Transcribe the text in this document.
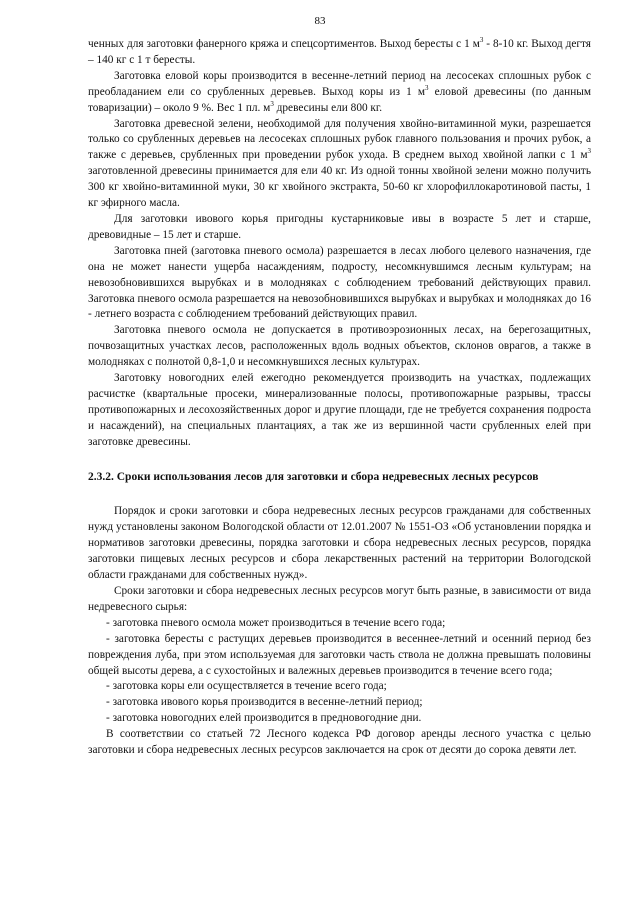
83

ченных для заготовки фанерного кряжа и спецсортиментов. Выход бересты с 1 $м^3 - 8-10$ кг. Выход дегтя – 140 кг с 1 т бересты.

Заготовка еловой коры производится в весенне-летний период на лесосеках сплошных рубок с преобладанием ели со срубленных деревьев. Выход коры из 1 $м^3$ еловой древесины (по данным товаризации) – около 9 %. Вес 1 пл. $м^3$ древесины ели 800 кг.

Заготовка древесной зелени, необходимой для получения хвойно-витаминной муки, разрешается только со срубленных деревьев на лесосеках сплошных рубок главного пользования и прочих рубок, а также с деревьев, срубленных при проведении рубок ухода. В среднем выход хвойной лапки с 1 $м^3$ заготовленной древесины принимается для ели 40 кг. Из одной тонны хвойной зелени можно получить 300 кг хвойно-витаминной муки, 30 кг хвойного экстракта, 50-60 кг хлорофиллокаротиновой пасты, 1 кг эфирного масла.

Для заготовки ивового корья пригодны кустарниковые ивы в возрасте 5 лет и старше, древовидные – 15 лет и старше.

Заготовка пней (заготовка пневого осмола) разрешается в лесах любого целевого назначения, где она не может нанести ущерба насаждениям, подросту, несомкнувшимся лесным культурам; на невозобновившихся вырубках и в молодняках с соблюдением требований действующих правил. Заготовка пневого осмола разрешается на невозобновившихся вырубках и вырубках и молодняках до 16 - летнего возраста с соблюдением требований действующих правил.

Заготовка пневого осмола не допускается в противоэрозионных лесах, на берегозащитных, почвозащитных участках лесов, расположенных вдоль водных объектов, склонов оврагов, а также в молодняках с полнотой 0,8-1,0 и несомкнувшихся лесных культурах.

Заготовку новогодних елей ежегодно рекомендуется производить на участках, подлежащих расчистке (квартальные просеки, минерализованные полосы, противопожарные разрывы, трассы противопожарных и лесохозяйственных дорог и другие площади, где не требуется сохранения подроста и насаждений), на специальных плантациях, а так же из вершинной части срубленных елей при заготовке древесины.

2.3.2. Сроки использования лесов для заготовки и сбора недревесных лесных ресурсов

Порядок и сроки заготовки и сбора недревесных лесных ресурсов гражданами для собственных нужд установлены законом Вологодской области от 12.01.2007 № 1551-ОЗ «Об установлении порядка и нормативов заготовки древесины, порядка заготовки и сбора недревесных лесных ресурсов, порядка заготовки пищевых лесных ресурсов и сбора лекарственных растений на территории Вологодской области гражданами для собственных нужд».

Сроки заготовки и сбора недревесных лесных ресурсов могут быть разные, в зависимости от вида недревесного сырья:

- заготовка пневого осмола может производиться в течение всего года;

- заготовка бересты с растущих деревьев производится в весеннее-летний и осенний период без повреждения луба, при этом используемая для заготовки часть ствола не должна превышать половины общей высоты дерева, а с сухостойных и валежных деревьев производится в течение всего года;

- заготовка коры ели осуществляется в течение всего года;

- заготовка ивового корья производится в весенне-летний период;

- заготовка новогодних елей производится в предновогодние дни.

В соответствии со статьей 72 Лесного кодекса РФ договор аренды лесного участка с целью заготовки и сбора недревесных лесных ресурсов заключается на срок от десяти до сорока девяти лет.
